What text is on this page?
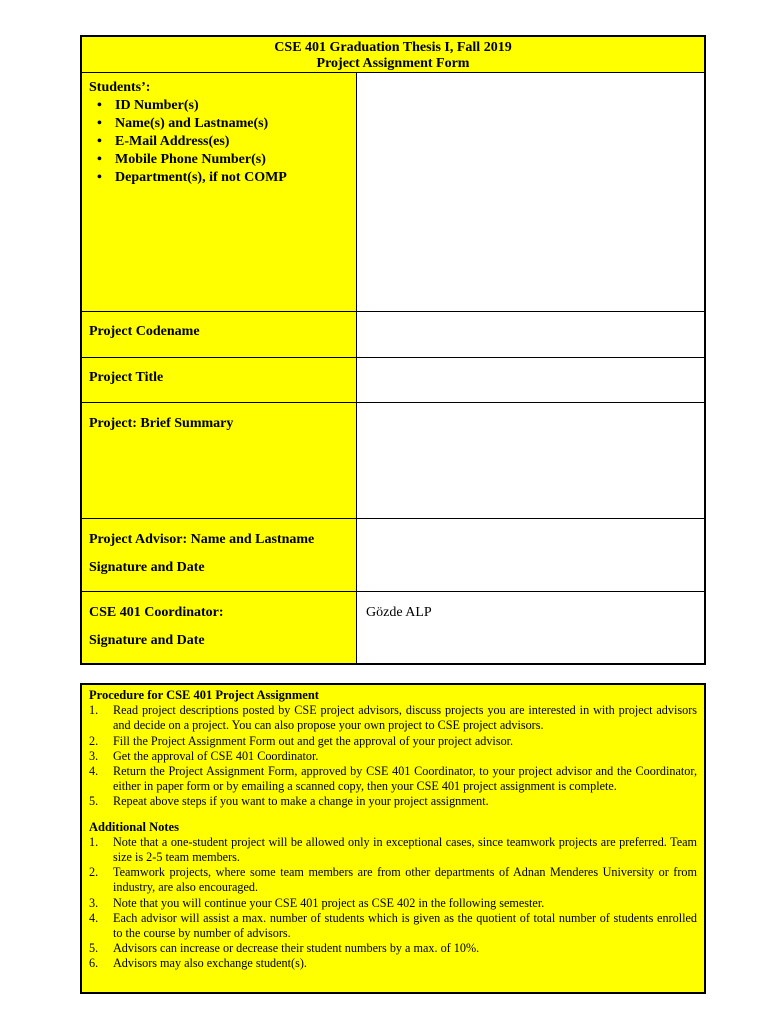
CSE 401 Graduation Thesis I, Fall 2019
Project Assignment Form
Students’:
• ID Number(s)
• Name(s) and Lastname(s)
• E-Mail Address(es)
• Mobile Phone Number(s)
• Department(s), if not COMP
Project Codename
Project Title
Project: Brief Summary
Project Advisor: Name and Lastname
Signature and Date
CSE 401 Coordinator:
Signature and Date
Gözde ALP
Procedure for CSE 401 Project Assignment
1. Read project descriptions posted by CSE project advisors, discuss projects you are interested in with project advisors and decide on a project. You can also propose your own project to CSE project advisors.
2. Fill the Project Assignment Form out and get the approval of your project advisor.
3. Get the approval of CSE 401 Coordinator.
4. Return the Project Assignment Form, approved by CSE 401 Coordinator, to your project advisor and the Coordinator, either in paper form or by emailing a scanned copy, then your CSE 401 project assignment is complete.
5. Repeat above steps if you want to make a change in your project assignment.
Additional Notes
1. Note that a one-student project will be allowed only in exceptional cases, since teamwork projects are preferred. Team size is 2-5 team members.
2. Teamwork projects, where some team members are from other departments of Adnan Menderes University or from industry, are also encouraged.
3. Note that you will continue your CSE 401 project as CSE 402 in the following semester.
4. Each advisor will assist a max. number of students which is given as the quotient of total number of students enrolled to the course by number of advisors.
5. Advisors can increase or decrease their student numbers by a max. of 10%.
6. Advisors may also exchange student(s).
